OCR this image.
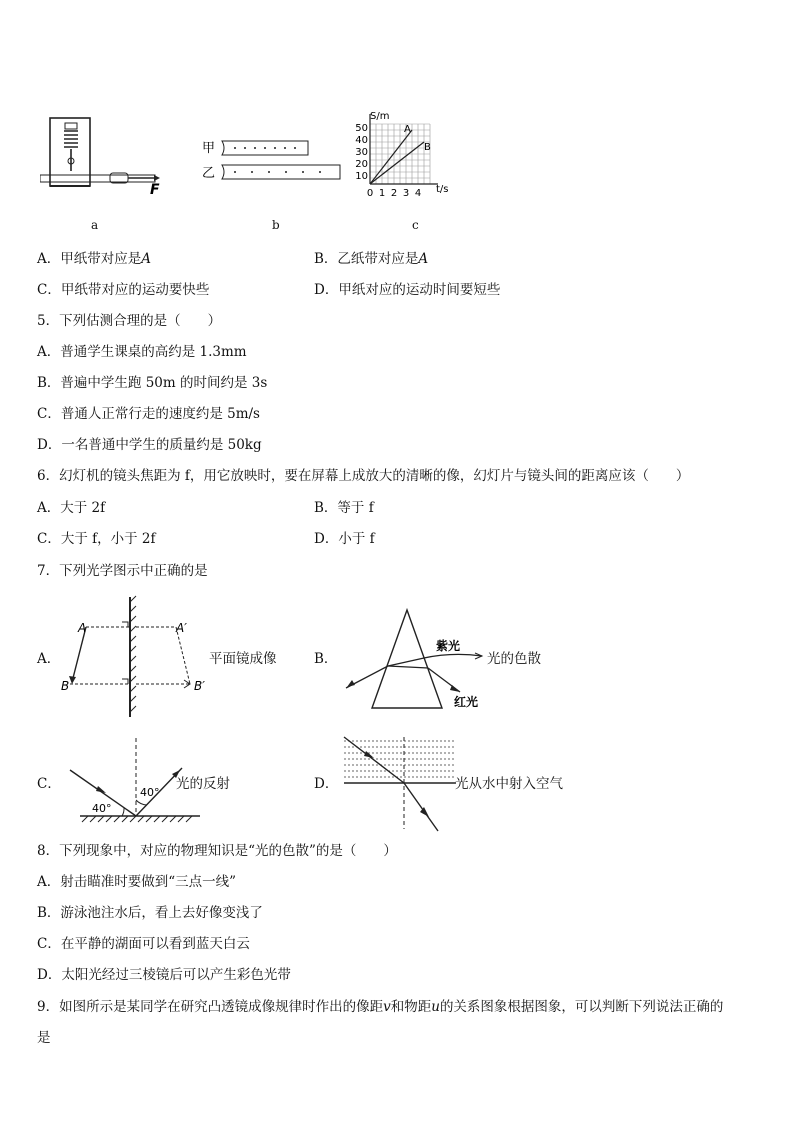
F
a
甲
乙
b
S/m
t/s
A
B
50
40
30
20
10
0 1 2 3 4
c
A．甲纸带对应是A	B．乙纸带对应是A
C．甲纸带对应的运动要快些	D．甲纸对应的运动时间要短些
5．下列估测合理的是（　　）
A．普通学生课桌的高约是 1.3mm
B．普遍中学生跑 50m 的时间约是 3s
C．普通人正常行走的速度约是 5m/s
D．一名普通中学生的质量约是 50kg
6．幻灯机的镜头焦距为 f，用它放映时，要在屏幕上成放大的清晰的像，幻灯片与镜头间的距离应该（　　）
A．大于 2f	B．等于 f
C．大于 f，小于 2f	D．小于 f
7．下列光学图示中正确的是
A．
A	A′
B	B′
平面镜成像	B．
紫光
红光
光的色散
C．
40°
40°
光的反射	D．	光从水中射入空气
8．下列现象中，对应的物理知识是“光的色散”的是（　　）
A．射击瞄准时要做到“三点一线”
B．游泳池注水后，看上去好像变浅了
C．在平静的湖面可以看到蓝天白云
D．太阳光经过三棱镜后可以产生彩色光带
9．如图所示是某同学在研究凸透镜成像规律时作出的像距v和物距u的关系图象根据图象，可以判断下列说法正确的
是
